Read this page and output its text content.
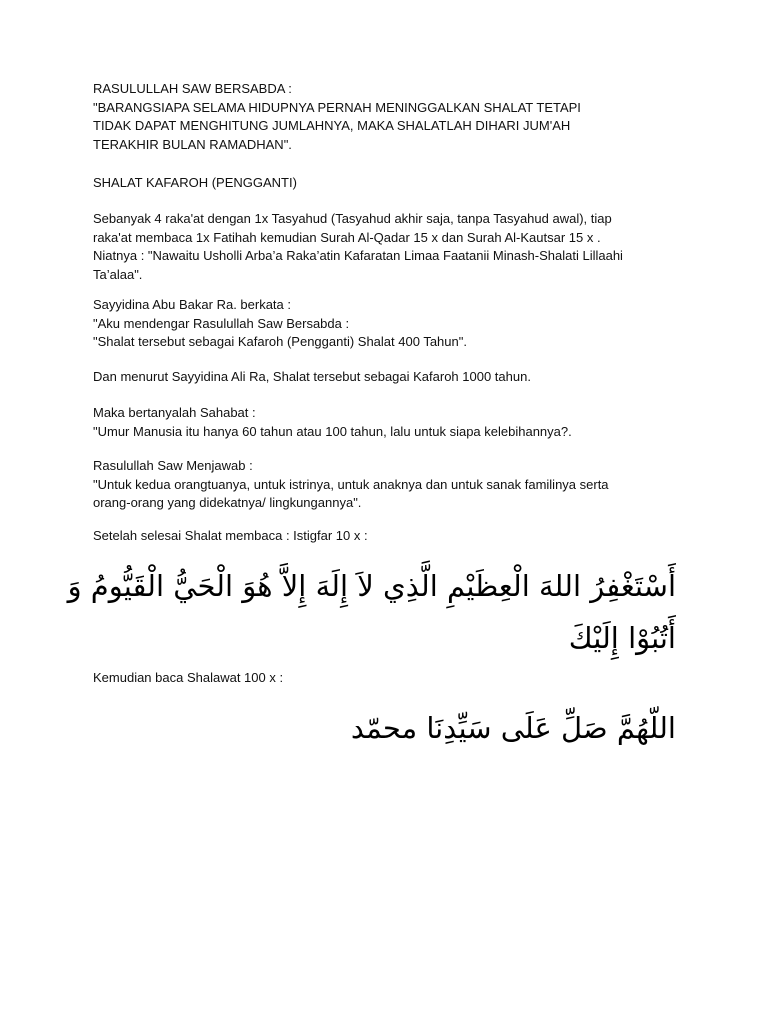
RASULULLAH SAW BERSABDA :
"BARANGSIAPA SELAMA HIDUPNYA PERNAH MENINGGALKAN SHALAT TETAPI
TIDAK DAPAT MENGHITUNG JUMLAHNYA, MAKA SHALATLAH DIHARI JUM'AH
TERAKHIR BULAN RAMADHAN".
SHALAT KAFAROH (PENGGANTI)
Sebanyak 4 raka'at dengan 1x Tasyahud (Tasyahud akhir saja, tanpa Tasyahud awal), tiap
raka'at membaca 1x Fatihah kemudian Surah Al-Qadar 15 x dan Surah Al-Kautsar 15 x .
Niatnya : "Nawaitu Usholli Arba’a Raka’atin Kafaratan Limaa Faatanii Minash-Shalati Lillaahi
Ta’alaa".
Sayyidina Abu Bakar Ra. berkata :
"Aku mendengar Rasulullah Saw Bersabda :
"Shalat tersebut sebagai Kafaroh (Pengganti) Shalat 400 Tahun".
Dan menurut Sayyidina Ali Ra, Shalat tersebut sebagai Kafaroh 1000 tahun.
Maka bertanyalah Sahabat :
"Umur Manusia itu hanya 60 tahun atau 100 tahun, lalu untuk siapa kelebihannya?.
Rasulullah Saw Menjawab :
"Untuk kedua orangtuanya, untuk istrinya, untuk anaknya dan untuk sanak familinya serta
orang-orang yang didekatnya/ lingkungannya".
Setelah selesai Shalat membaca : Istigfar 10 x :
أَسْتَغْفِرُ اللهَ الْعِظَيْمِ الَّذِي لاَ إِلَهَ إِلاَّ هُوَ الْحَيُّ الْقَيُّومُ وَ
أَتُبُوْا إِلَيْكَ
Kemudian baca Shalawat 100 x :
اللَّهُمَّ صَلِّ عَلَى سَيِّدِنَا محمّد
